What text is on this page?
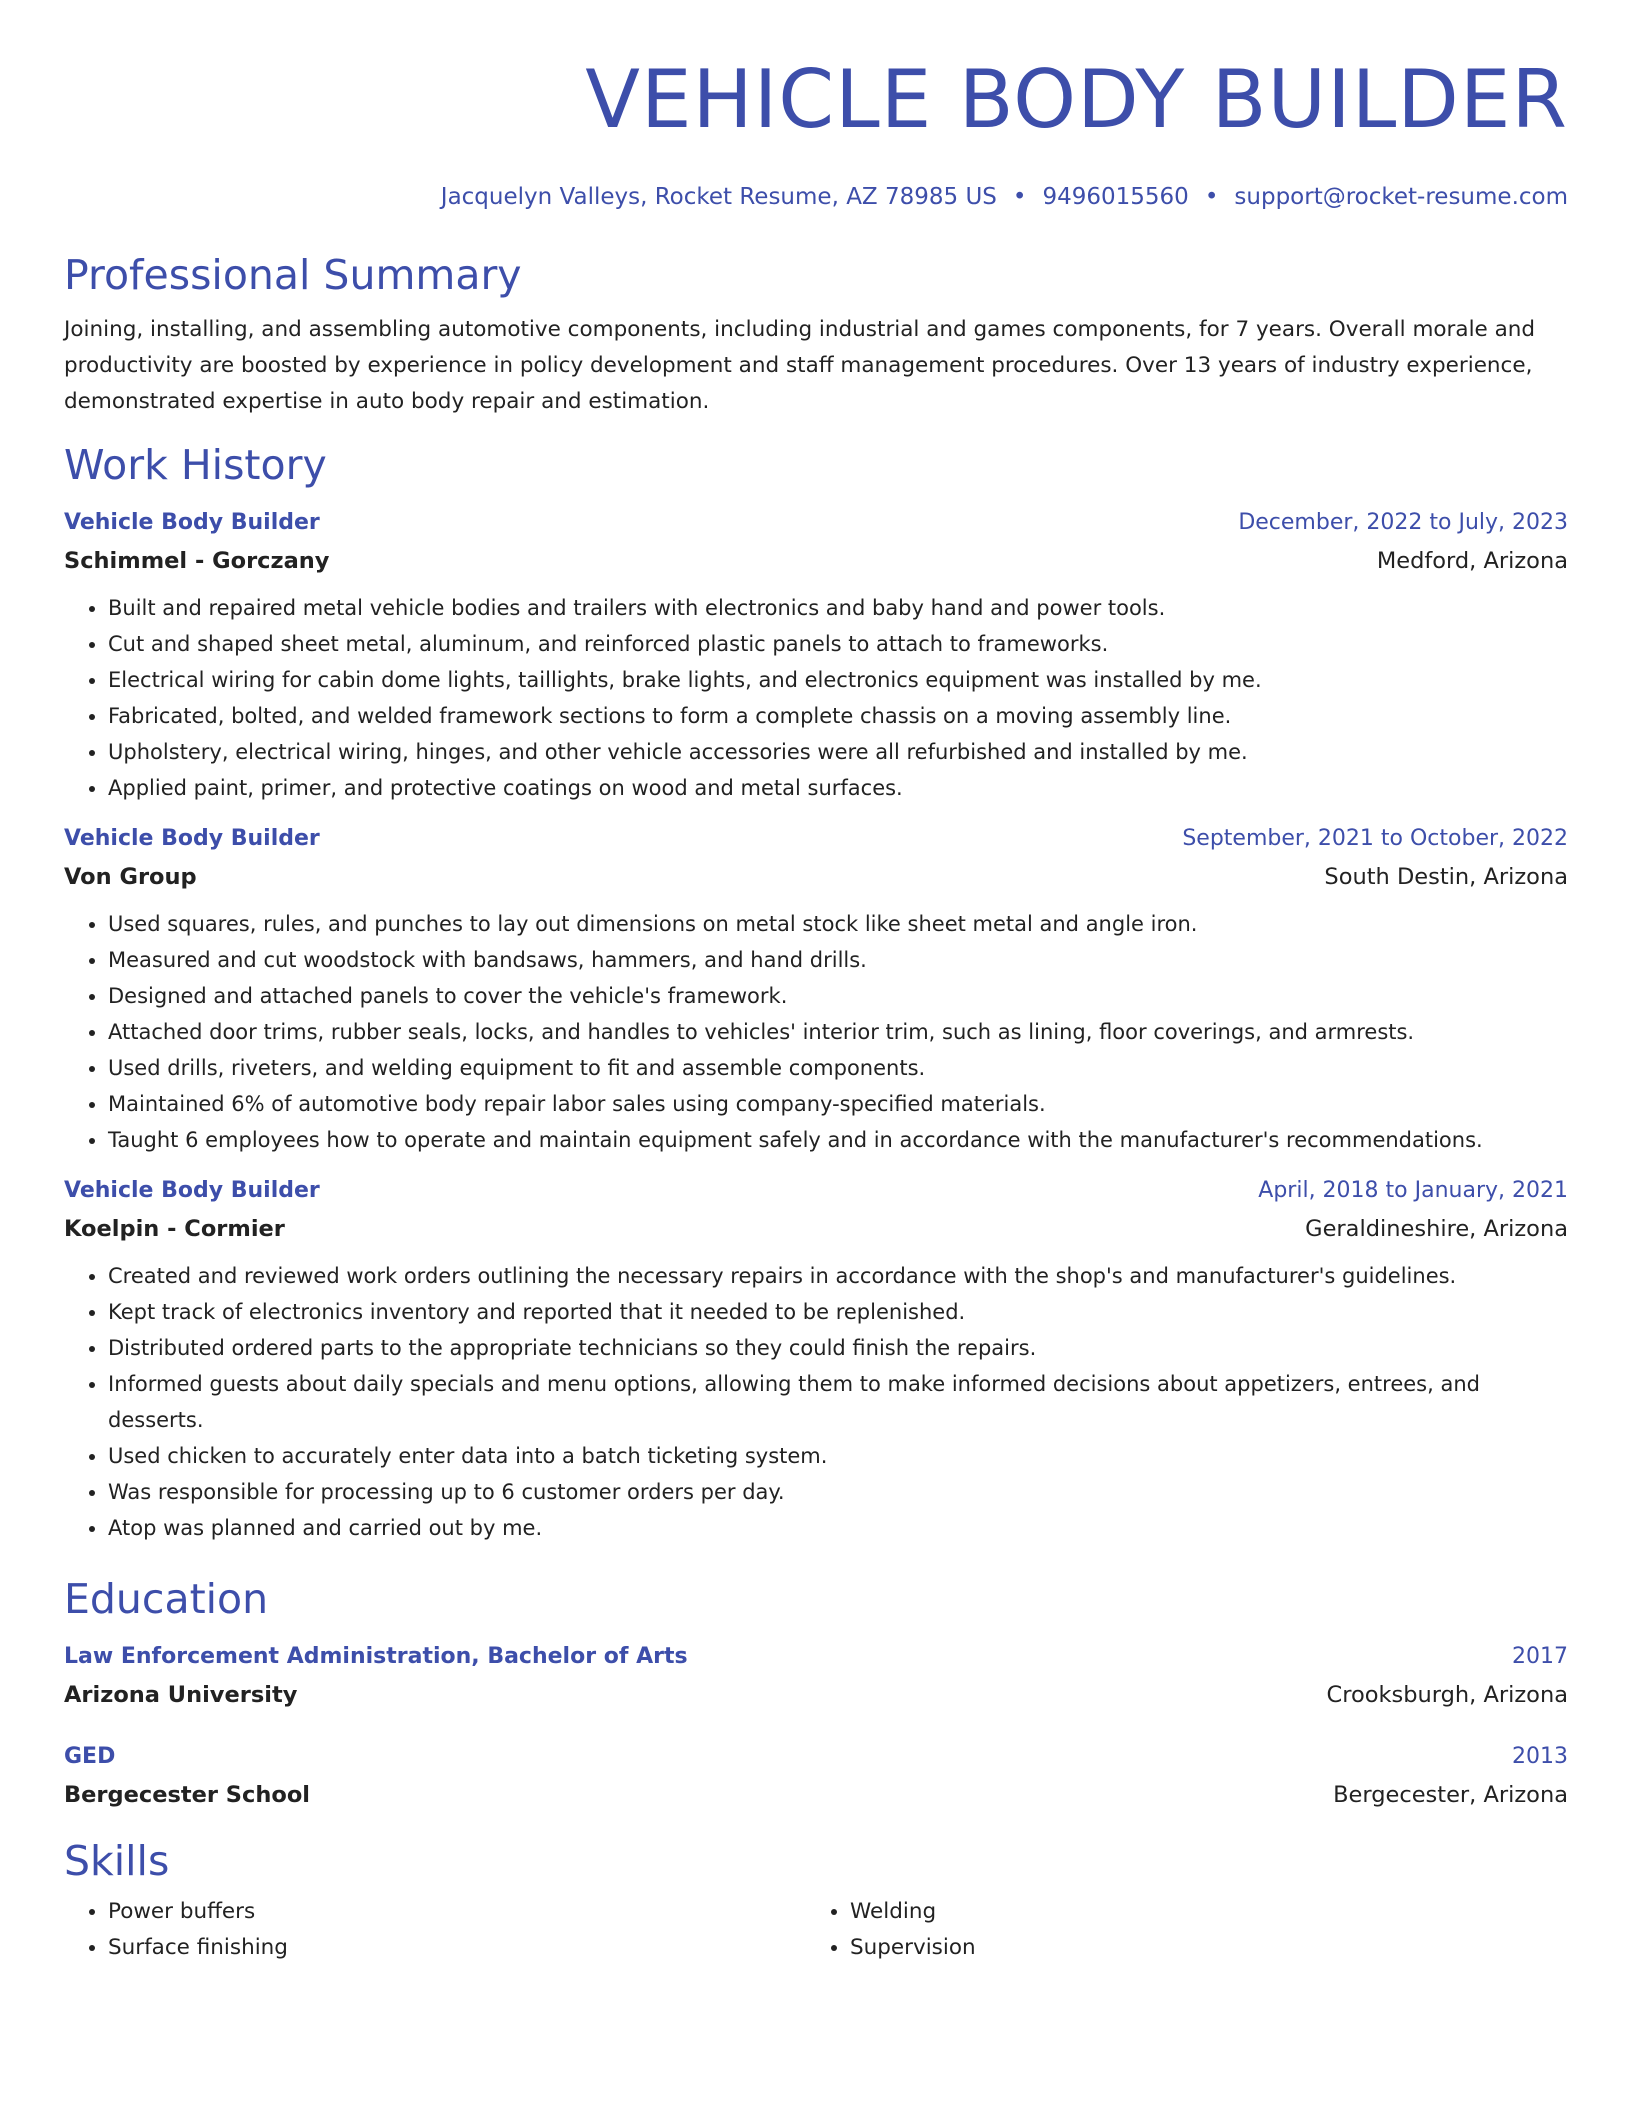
VEHICLE BODY BUILDER
Jacquelyn Valleys, Rocket Resume, AZ 78985 US • 9496015560 • support@rocket-resume.com
Professional Summary
Joining, installing, and assembling automotive components, including industrial and games components, for 7 years. Overall morale and productivity are boosted by experience in policy development and staff management procedures. Over 13 years of industry experience, demonstrated expertise in auto body repair and estimation.
Work History
Vehicle Body Builder	December, 2022 to July, 2023
Schimmel - Gorczany	Medford, Arizona
• Built and repaired metal vehicle bodies and trailers with electronics and baby hand and power tools.
• Cut and shaped sheet metal, aluminum, and reinforced plastic panels to attach to frameworks.
• Electrical wiring for cabin dome lights, taillights, brake lights, and electronics equipment was installed by me.
• Fabricated, bolted, and welded framework sections to form a complete chassis on a moving assembly line.
• Upholstery, electrical wiring, hinges, and other vehicle accessories were all refurbished and installed by me.
• Applied paint, primer, and protective coatings on wood and metal surfaces.
Vehicle Body Builder	September, 2021 to October, 2022
Von Group	South Destin, Arizona
• Used squares, rules, and punches to lay out dimensions on metal stock like sheet metal and angle iron.
• Measured and cut woodstock with bandsaws, hammers, and hand drills.
• Designed and attached panels to cover the vehicle's framework.
• Attached door trims, rubber seals, locks, and handles to vehicles' interior trim, such as lining, floor coverings, and armrests.
• Used drills, riveters, and welding equipment to fit and assemble components.
• Maintained 6% of automotive body repair labor sales using company-specified materials.
• Taught 6 employees how to operate and maintain equipment safely and in accordance with the manufacturer's recommendations.
Vehicle Body Builder	April, 2018 to January, 2021
Koelpin - Cormier	Geraldineshire, Arizona
• Created and reviewed work orders outlining the necessary repairs in accordance with the shop's and manufacturer's guidelines.
• Kept track of electronics inventory and reported that it needed to be replenished.
• Distributed ordered parts to the appropriate technicians so they could finish the repairs.
• Informed guests about daily specials and menu options, allowing them to make informed decisions about appetizers, entrees, and desserts.
• Used chicken to accurately enter data into a batch ticketing system.
• Was responsible for processing up to 6 customer orders per day.
• Atop was planned and carried out by me.
Education
Law Enforcement Administration, Bachelor of Arts	2017
Arizona University	Crooksburgh, Arizona
GED	2013
Bergecester School	Bergecester, Arizona
Skills
• Power buffers
• Surface finishing
• Welding
• Supervision
